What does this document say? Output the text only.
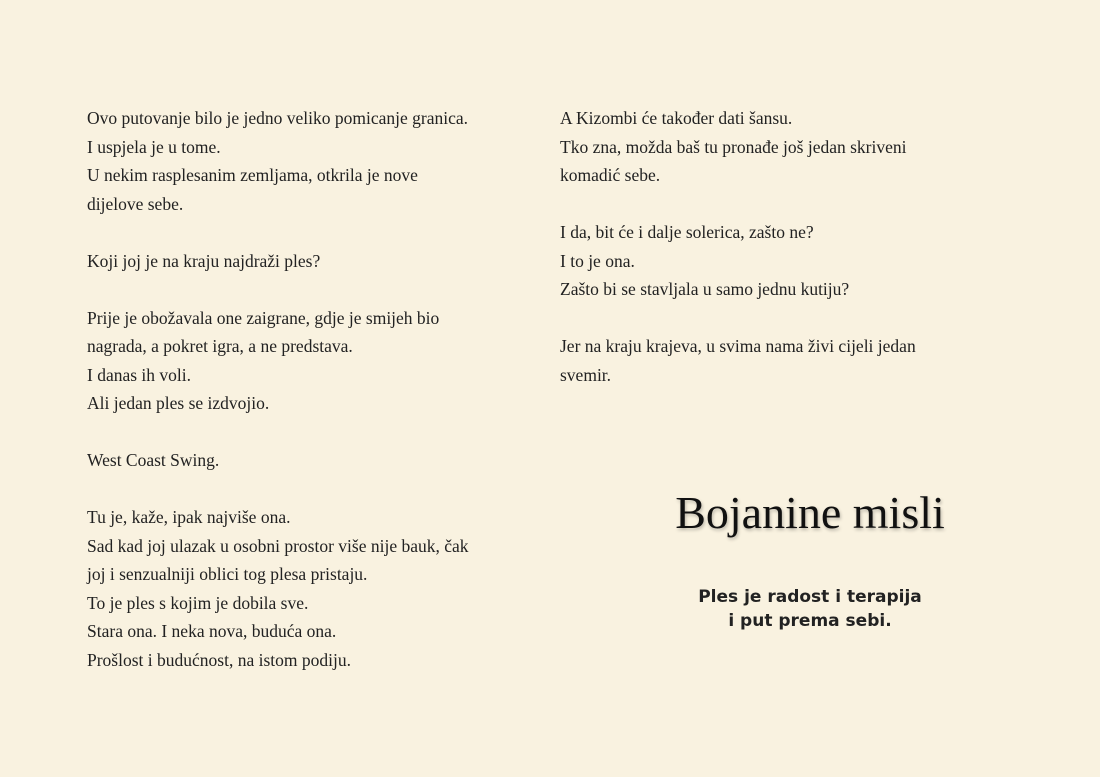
Ovo putovanje bilo je jedno veliko pomicanje granica.

I uspjela je u tome.

U nekim rasplesanim zemljama, otkrila je nove

dijelove sebe.

Koji joj je na kraju najdraži ples?

Prije je obožavala one zaigrane, gdje je smijeh bio

nagrada, a pokret igra, a ne predstava.

I danas ih voli.

Ali jedan ples se izdvojio.

West Coast Swing.

Tu je, kaže, ipak najviše ona.

Sad kad joj ulazak u osobni prostor više nije bauk, čak

joj i senzualniji oblici tog plesa pristaju.

To je ples s kojim je dobila sve.

Stara ona. I neka nova, buduća ona.

Prošlost i budućnost, na istom podiju.

A Kizombi će također dati šansu.

Tko zna, možda baš tu pronađe još jedan skriveni

komadić sebe.

I da, bit će i dalje solerica, zašto ne?

I to je ona.

Zašto bi se stavljala u samo jednu kutiju?

Jer na kraju krajeva, u svima nama živi cijeli jedan

svemir.

Bojanine misli
Ples je radost i terapija
i put prema sebi.
